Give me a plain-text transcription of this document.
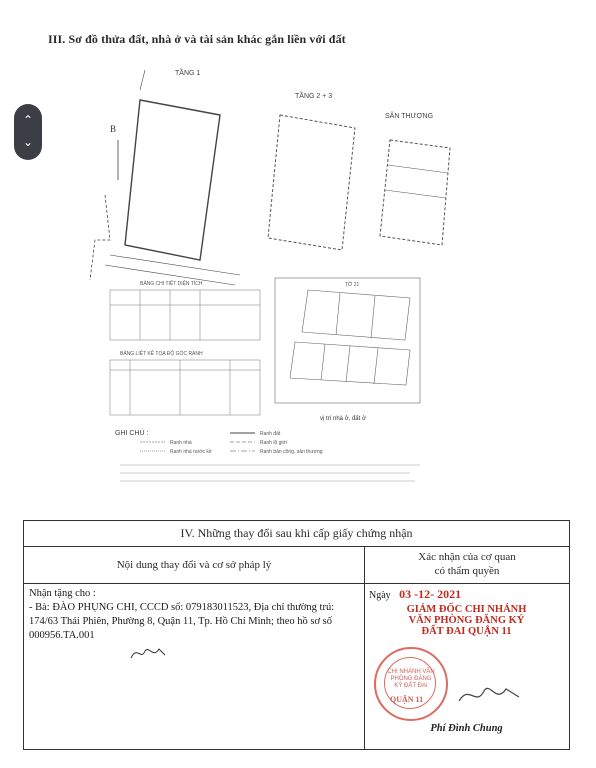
⌃
⌄
III. Sơ đồ thửa đất, nhà ở và tài sản khác gắn liền với đất
TẦNG 1
B
TẦNG 2 + 3
SÂN THƯỢNG
BẢNG CHI TIẾT DIỆN TÍCH
BẢNG LIỆT KÊ TỌA ĐỘ GÓC RANH
TỜ 21
vị trí nhà ở, đất ở
GHI CHÚ :	Ranh đất
Ranh nhà	Ranh lộ giới
Ranh nhà nước kề	Ranh bản công, sân thượng
IV. Những thay đổi sau khi cấp giấy chứng nhận
Nội dung thay đổi và cơ sở pháp lý
Xác nhận của cơ quan
có thẩm quyền
Nhận tặng cho :
- Bà: ĐÀO PHỤNG CHI, CCCD số: 079183011523, Địa chỉ thường trú:
174/63 Thái Phiên, Phường 8, Quận 11, Tp. Hồ Chí Minh; theo hồ sơ số
000956.TA.001
Ngày 03 -12- 2021
GIÁM ĐỐC CHI NHÁNH
VĂN PHÒNG ĐĂNG KÝ
ĐẤT ĐAI QUẬN 11
CHI NHÁNH VĂN PHÒNG ĐĂNG KÝ ĐẤT ĐAI
QUẬN 11
Phí Đình Chung
